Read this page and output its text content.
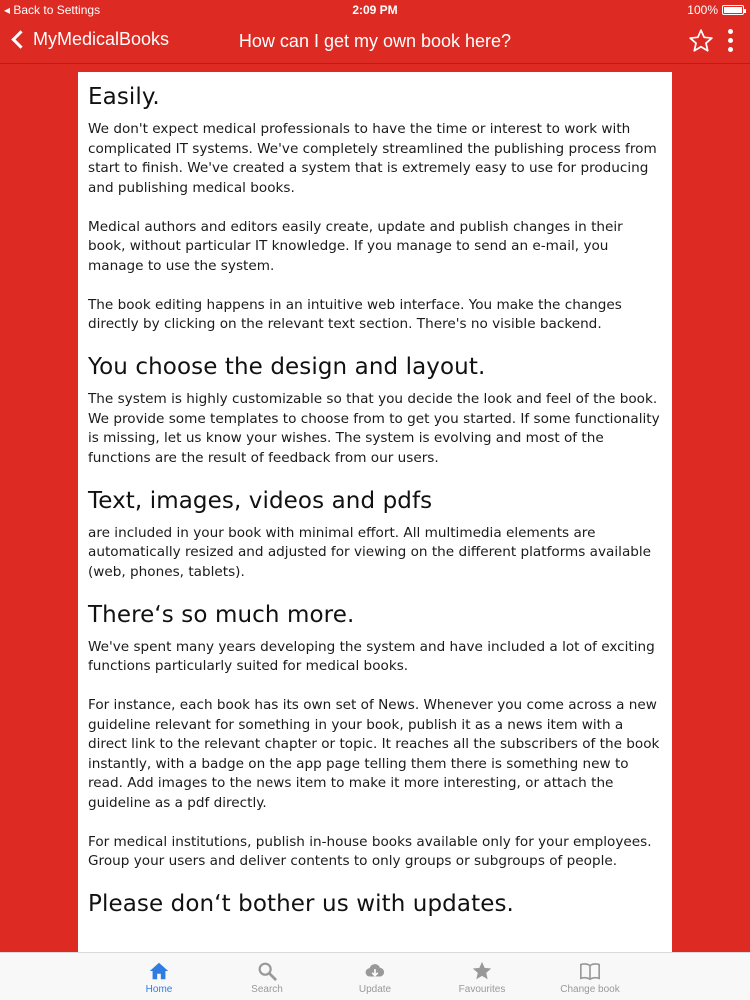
◂ Back to Settings	2:09 PM	100%
MyMedicalBooks	How can I get my own book here?
Easily.

We don't expect medical professionals to have the time or interest to work with complicated IT systems. We've completely streamlined the publishing process from start to finish. We've created a system that is extremely easy to use for producing and publishing medical books.

Medical authors and editors easily create, update and publish changes in their book, without particular IT knowledge. If you manage to send an e-mail, you manage to use the system.

The book editing happens in an intuitive web interface. You make the changes directly by clicking on the relevant text section. There's no visible backend.

You choose the design and layout.

The system is highly customizable so that you decide the look and feel of the book. We provide some templates to choose from to get you started. If some functionality is missing, let us know your wishes. The system is evolving and most of the functions are the result of feedback from our users.

Text, images, videos and pdfs

are included in your book with minimal effort. All multimedia elements are automatically resized and adjusted for viewing on the different platforms available (web, phones, tablets).

There‘s so much more.

We've spent many years developing the system and have included a lot of exciting functions particularly suited for medical books.

For instance, each book has its own set of News. Whenever you come across a new guideline relevant for something in your book, publish it as a news item with a direct link to the relevant chapter or topic. It reaches all the subscribers of the book instantly, with a badge on the app page telling them there is something new to read. Add images to the news item to make it more interesting, or attach the guideline as a pdf directly.

For medical institutions, publish in-house books available only for your employees. Group your users and deliver contents to only groups or subgroups of people.

Please don‘t bother us with updates.
Home	Search	Update	Favourites	Change book
